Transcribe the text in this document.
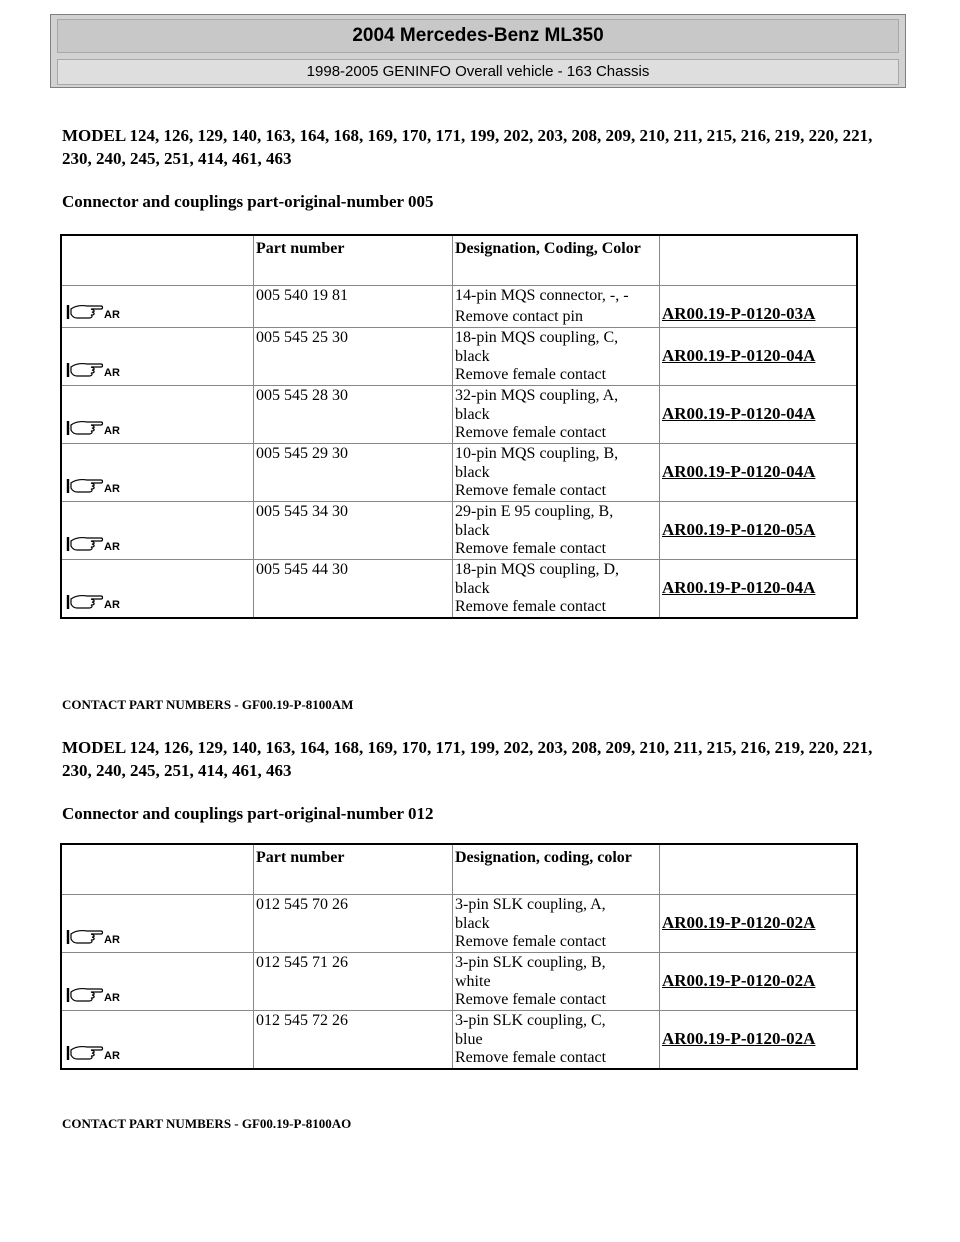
2004 Mercedes-Benz ML350
1998-2005 GENINFO Overall vehicle - 163 Chassis

MODEL 124, 126, 129, 140, 163, 164, 168, 169, 170, 171, 199, 202, 203, 208, 209, 210, 211, 215, 216, 219, 220, 221, 230, 240, 245, 251, 414, 461, 463

Connector and couplings part-original-number 005

	Part number	Designation, Coding, Color	

AR	005 540 19 81	14-pin MQS connector, -, -
Remove contact pin	AR00.19-P-0120-03A

AR	005 545 25 30	18-pin MQS coupling, C,
black
Remove female contact	AR00.19-P-0120-04A

AR	005 545 28 30	32-pin MQS coupling, A,
black
Remove female contact	AR00.19-P-0120-04A

AR	005 545 29 30	10-pin MQS coupling, B,
black
Remove female contact	AR00.19-P-0120-04A

AR	005 545 34 30	29-pin E 95 coupling, B,
black
Remove female contact	AR00.19-P-0120-05A

AR	005 545 44 30	18-pin MQS coupling, D,
black
Remove female contact	AR00.19-P-0120-04A

CONTACT PART NUMBERS - GF00.19-P-8100AM

MODEL 124, 126, 129, 140, 163, 164, 168, 169, 170, 171, 199, 202, 203, 208, 209, 210, 211, 215, 216, 219, 220, 221, 230, 240, 245, 251, 414, 461, 463

Connector and couplings part-original-number 012

	Part number	Designation, coding, color	

AR	012 545 70 26	3-pin SLK coupling, A,
black
Remove female contact	AR00.19-P-0120-02A

AR	012 545 71 26	3-pin SLK coupling, B,
white
Remove female contact	AR00.19-P-0120-02A

AR	012 545 72 26	3-pin SLK coupling, C,
blue
Remove female contact	AR00.19-P-0120-02A

CONTACT PART NUMBERS - GF00.19-P-8100AO
